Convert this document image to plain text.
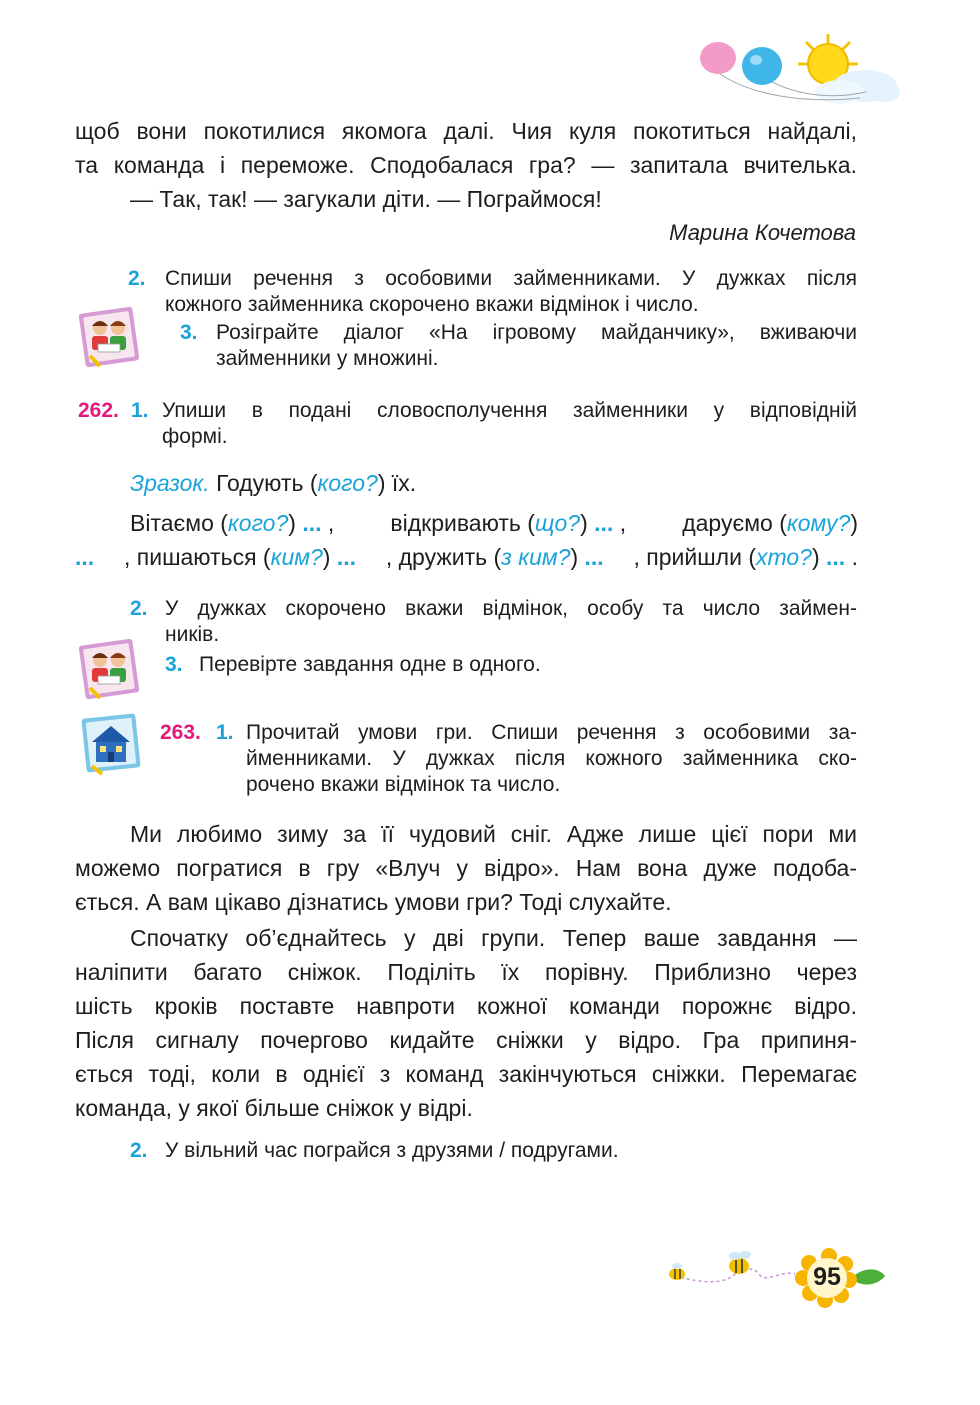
щоб вони покотилися якомога далі. Чия куля покотиться найдалі,

та команда і переможе. Сподобалася гра? — запитала вчителька.

— Так, так! — загукали діти. — Пограймося!

Марина Кочетова

2. Спиши речення з особовими займенниками. У дужках після

кожного займенника скорочено вкажи відмінок і число.

3. Розіграйте діалог «На ігровому майданчику», вживаючи

займенники у множині.

262. 1. Упиши в подані словосполучення займенники у відповідній

формі.

Зразок. Годують (кого?) їх.

Вітаємо (кого?) ... , відкривають (що?) ... , даруємо (кому?)

... , пишаються (ким?) ... , дружить (з ким?) ... , прийшли (хто?) ... .

2. У дужках скорочено вкажи відмінок, особу та число займен-

ників.

3. Перевірте завдання одне в одного.

263. 1. Прочитай умови гри. Спиши речення з особовими за-

йменниками. У дужках після кожного займенника ско-

рочено вкажи відмінок та число.

Ми любимо зиму за її чудовий сніг. Адже лише цієї пори ми

можемо погратися в гру «Влуч у відро». Нам вона дуже подоба-

ється. А вам цікаво дізнатись умови гри? Тоді слухайте.

Спочатку об’єднайтесь у дві групи. Тепер ваше завдання —

наліпити багато сніжок. Поділіть їх порівну. Приблизно через

шість кроків поставте навпроти кожної команди порожнє відро.

Після сигналу почергово кидайте сніжки у відро. Гра припиня-

ється тоді, коли в однієї з команд закінчуються сніжки. Перемагає

команда, у якої більше сніжок у відрі.

2. У вільний час пограйся з друзями / подругами.

95
